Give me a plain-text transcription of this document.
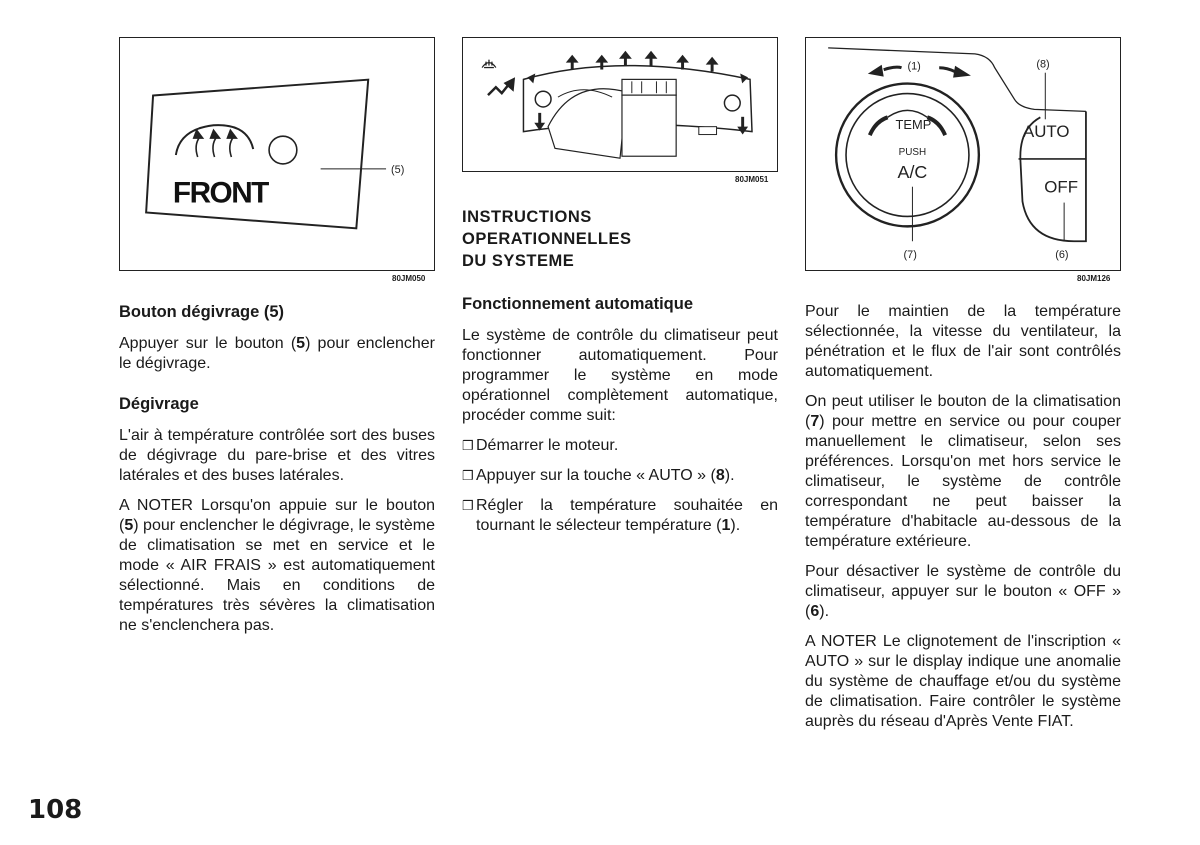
FRONT
(5)
80JM050
80JM051
TEMP
PUSH
A/C
AUTO
OFF
(1)	(8)
(7)	(6)
80JM126
Bouton dégivrage (5)

Appuyer sur le bouton (5) pour enclencher le dégivrage.

Dégivrage

L'air à température contrôlée sort des buses de dégivrage du pare-brise et des vitres latérales et des buses latérales.

A NOTER Lorsqu'on appuie sur le bouton (5) pour enclencher le dégivrage, le système de climatisation se met en service et le mode « AIR FRAIS » est automatiquement sélectionné. Mais en conditions de températures très sévères la climatisation ne s'enclenchera pas.

INSTRUCTIONS
OPERATIONNELLES
DU SYSTEME
Fonctionnement automatique

Le système de contrôle du climatiseur peut fonctionner automatiquement. Pour programmer le système en mode opérationnel complètement automatique, procéder comme suit:

❒ Démarrer le moteur.
❒ Appuyer sur la touche « AUTO » (8).
❒ Régler la température souhaitée en tournant le sélecteur température (1).

Pour le maintien de la température sélectionnée, la vitesse du ventilateur, la pénétration et le flux de l'air sont contrôlés automatiquement.

On peut utiliser le bouton de la climatisation (7) pour mettre en service ou pour couper manuellement le climatiseur, selon ses préférences. Lorsqu'on met hors service le climatiseur, le système de contrôle correspondant ne peut baisser la température d'habitacle au-dessous de la température extérieure.

Pour désactiver le système de contrôle du climatiseur, appuyer sur le bouton « OFF » (6).

A NOTER Le clignotement de l'inscription « AUTO » sur le display indique une anomalie du système de chauffage et/ou du système de climatisation. Faire contrôler le système auprès du réseau d'Après Vente FIAT.

108
